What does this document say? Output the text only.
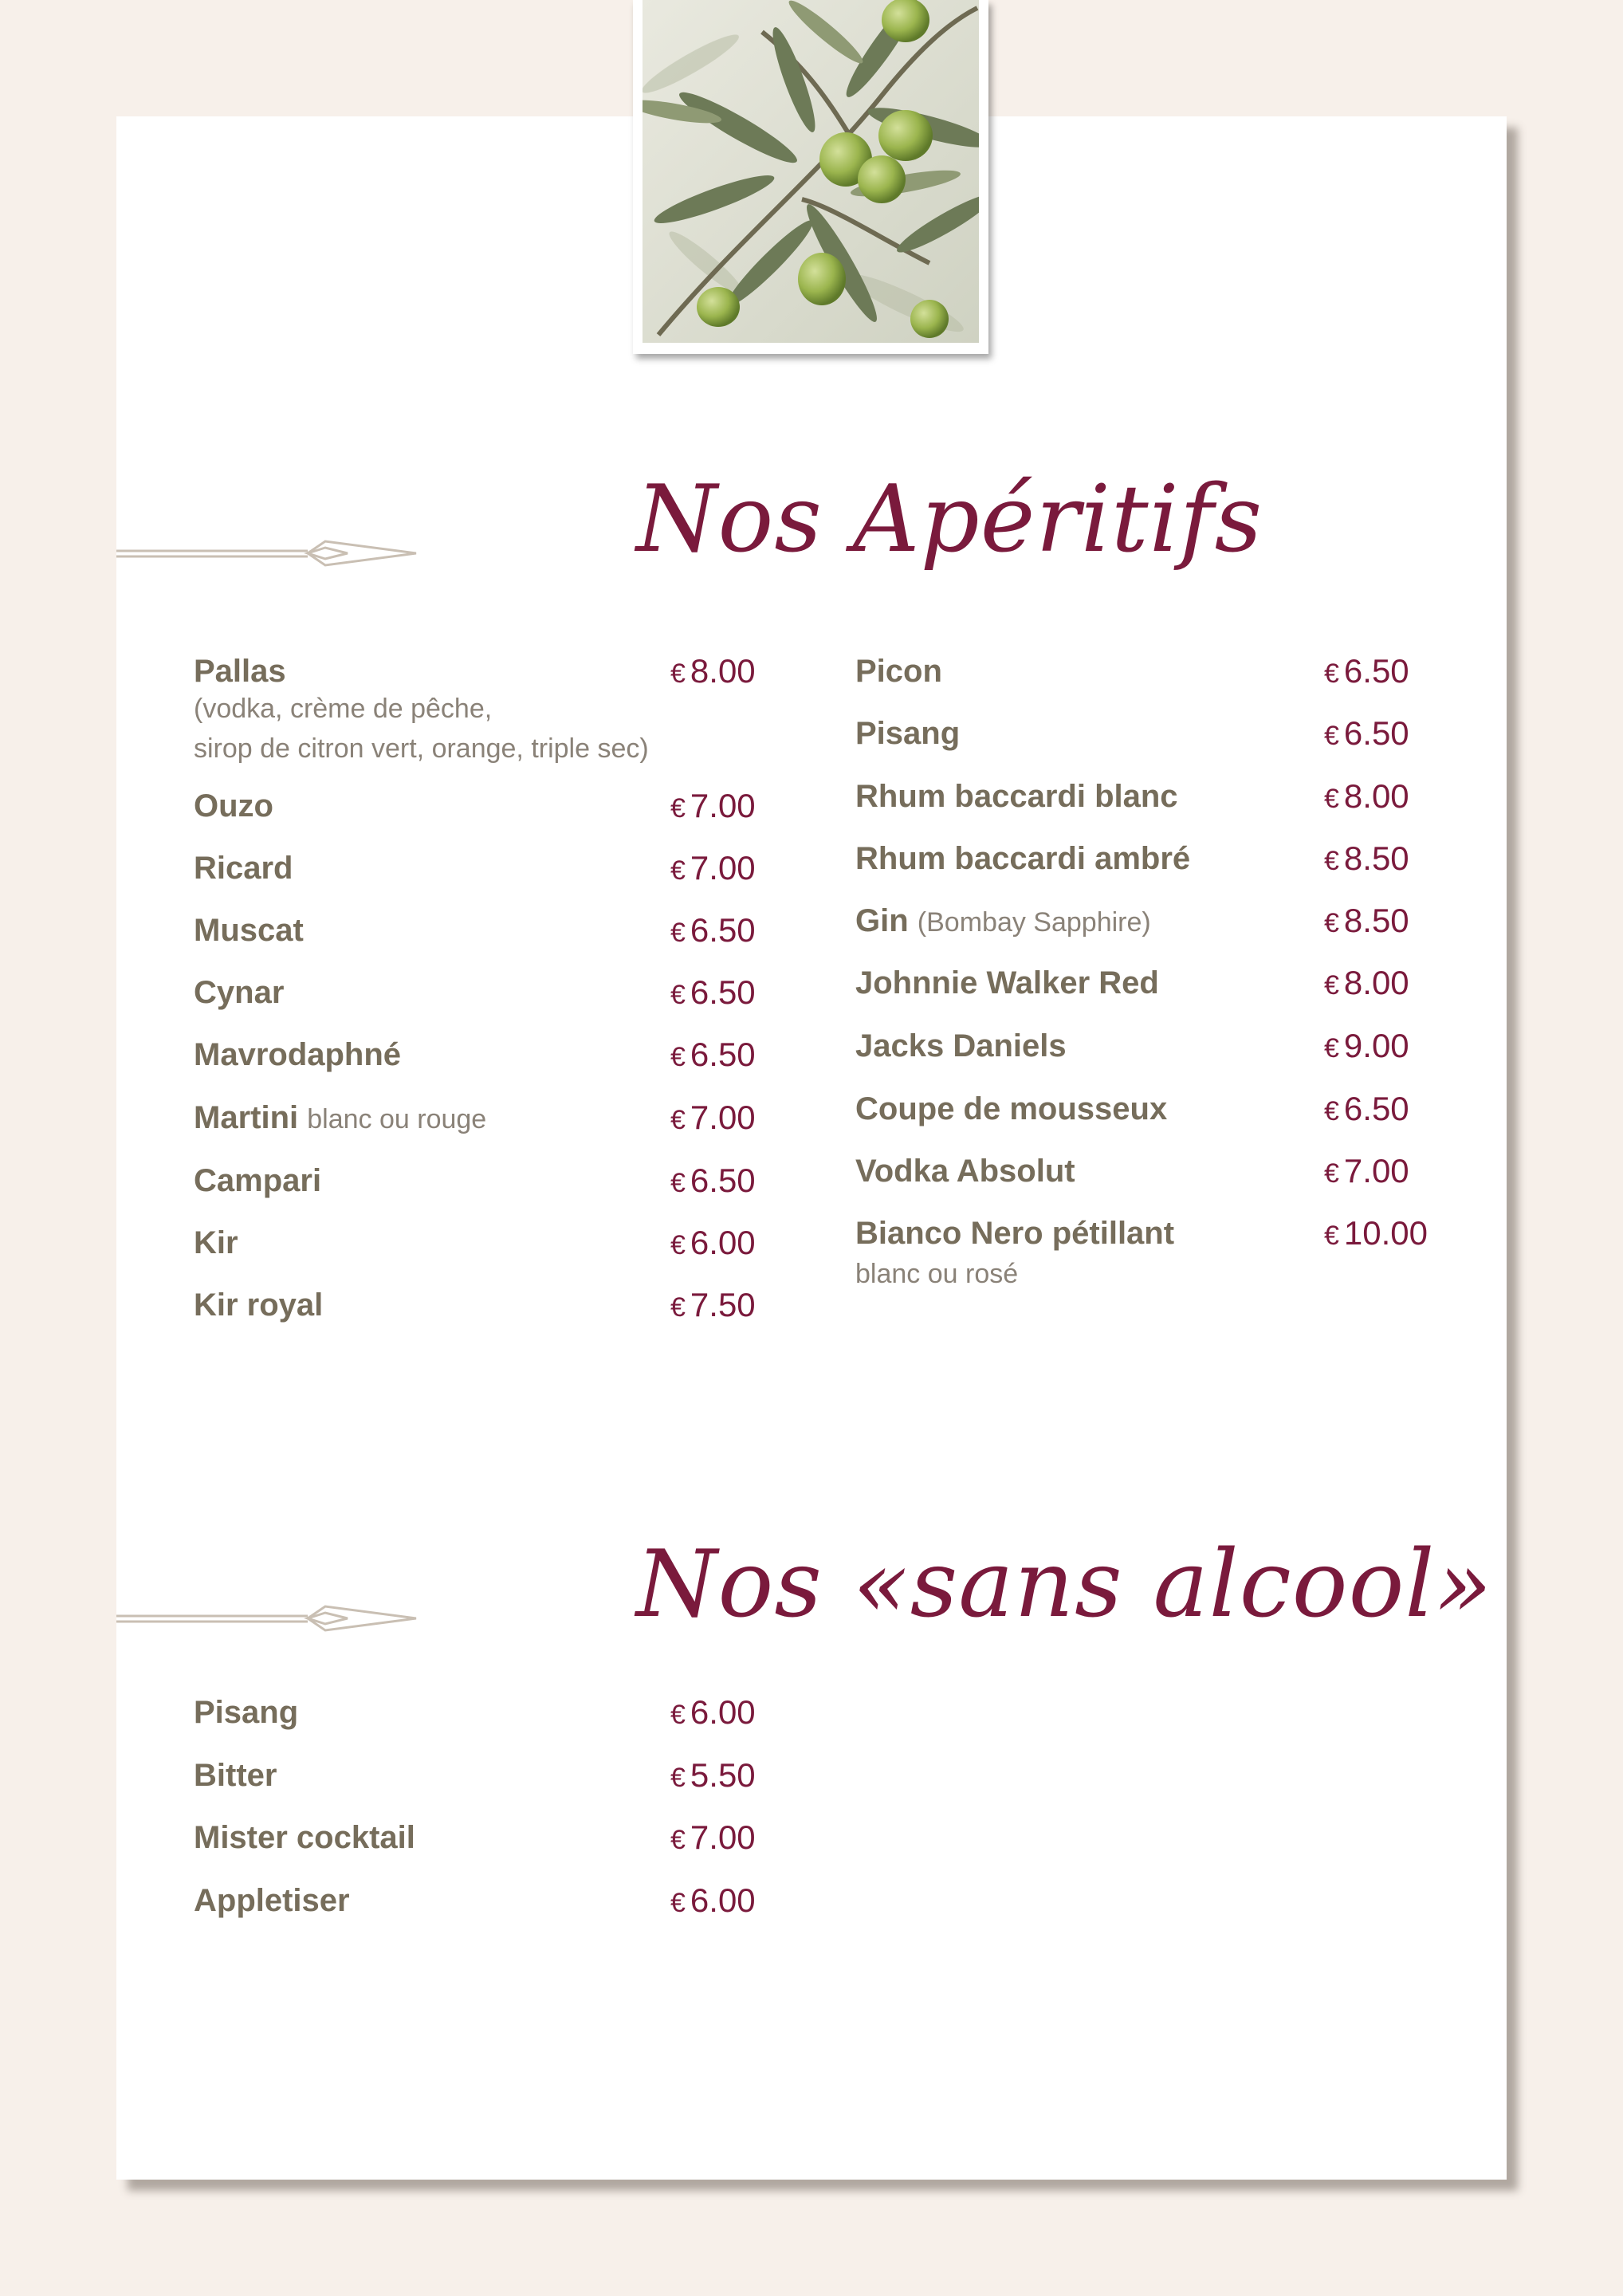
Nos Apéritifs
Pallas	€ 8.00
(vodka, crème de pêche,
sirop de citron vert, orange, triple sec)
Ouzo	€ 7.00
Ricard	€ 7.00
Muscat	€ 6.50
Cynar	€ 6.50
Mavrodaphné	€ 6.50
Martini blanc ou rouge	€ 7.00
Campari	€ 6.50
Kir	€ 6.00
Kir royal	€ 7.50
Picon	€ 6.50
Pisang	€ 6.50
Rhum baccardi blanc	€ 8.00
Rhum baccardi ambré	€ 8.50
Gin (Bombay Sapphire)	€ 8.50
Johnnie Walker Red	€ 8.00
Jacks Daniels	€ 9.00
Coupe de mousseux	€ 6.50
Vodka Absolut	€ 7.00
Bianco Nero pétillant	€ 10.00
blanc ou rosé
Nos «sans alcool»
Pisang	€ 6.00
Bitter	€ 5.50
Mister cocktail	€ 7.00
Appletiser	€ 6.00
